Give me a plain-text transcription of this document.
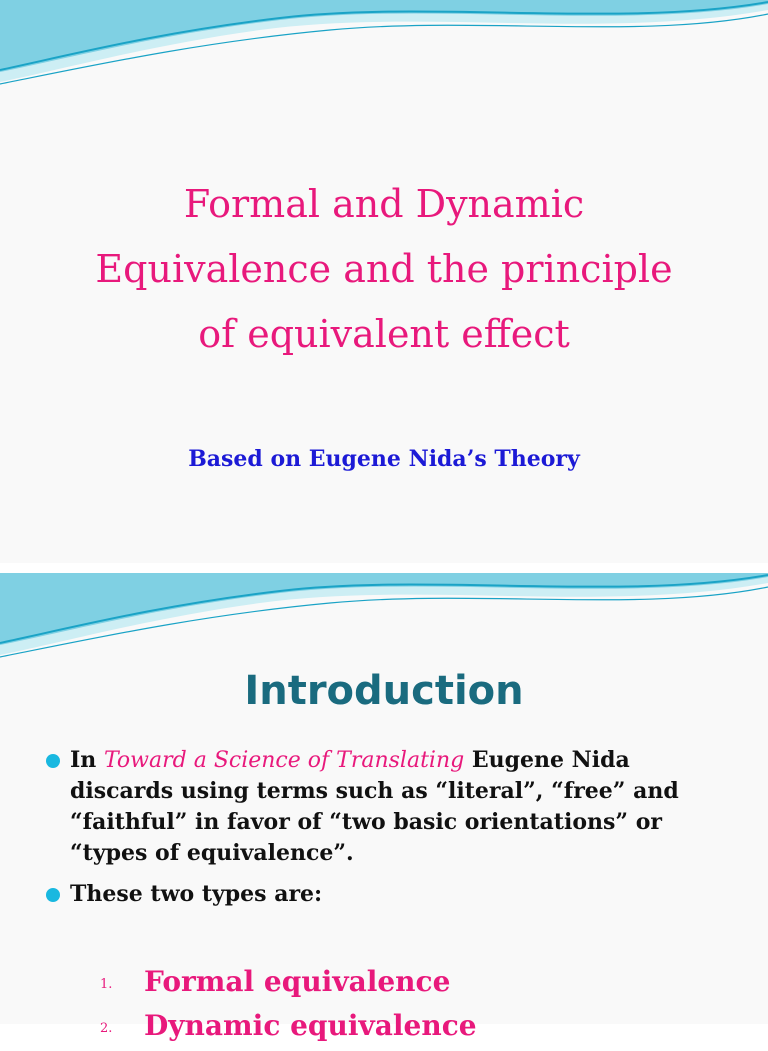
Formal and Dynamic
Equivalence and the principle
of equivalent effect
Based on Eugene Nida’s Theory
Introduction
In Toward a Science of Translating Eugene Nida discards using terms such as “literal”, “free” and “faithful” in favor of “two basic orientations” or “types of equivalence”.
These two types are:
1. Formal equivalence
2. Dynamic equivalence
